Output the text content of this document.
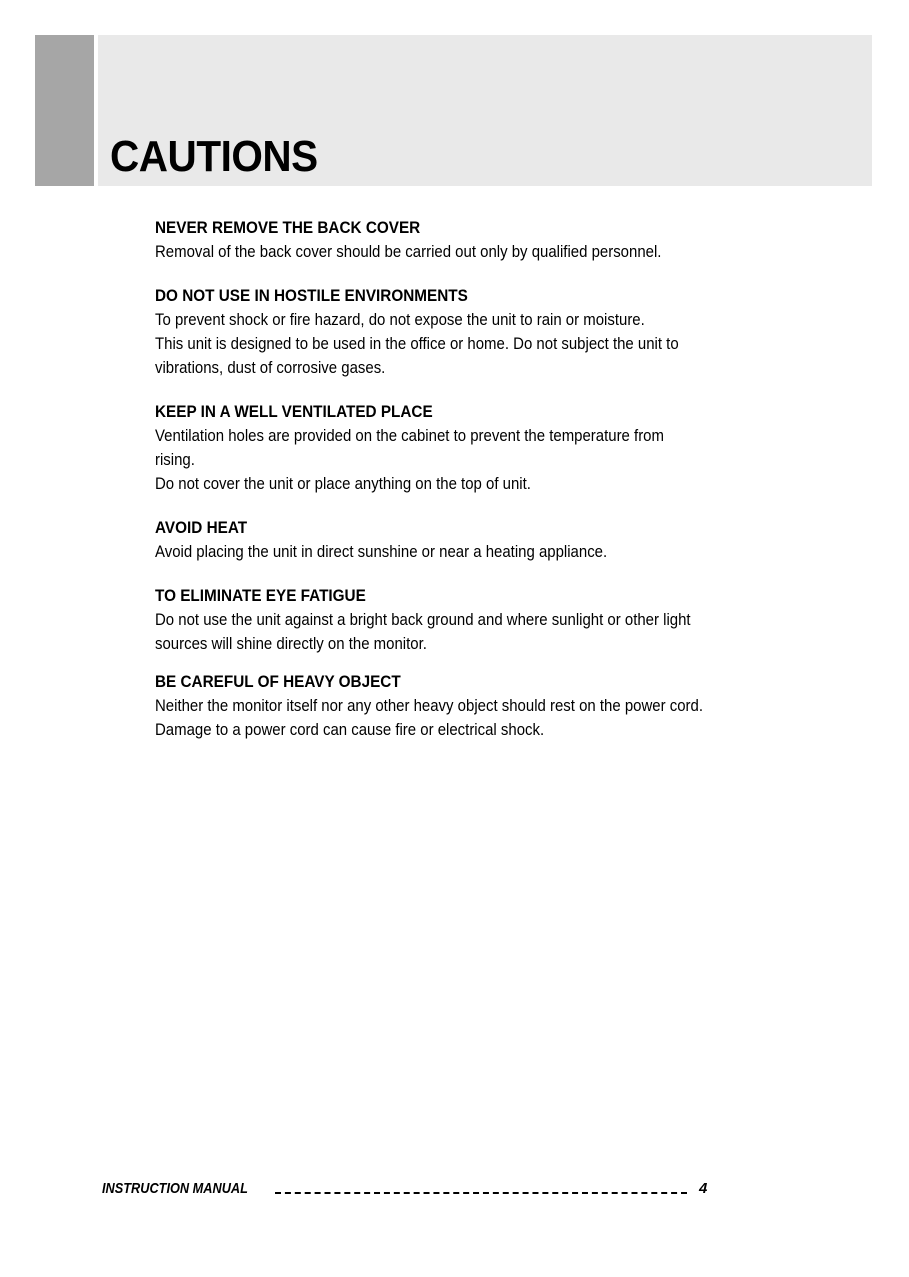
CAUTIONS

NEVER REMOVE THE BACK COVER

Removal of the back cover should be carried out only by qualified personnel.

DO NOT USE IN HOSTILE ENVIRONMENTS

To prevent shock or fire hazard, do not expose the unit to rain or moisture.

This unit is designed to be used in the office or home. Do not subject the unit to

vibrations, dust of corrosive gases.

KEEP IN A WELL VENTILATED PLACE

Ventilation holes are provided on the cabinet to prevent the temperature from

rising.

Do not cover the unit or place anything on the top of unit.

AVOID HEAT

Avoid placing the unit in direct sunshine or near a heating appliance.

TO ELIMINATE EYE FATIGUE

Do not use the unit against a bright back ground and where sunlight or other light

sources will shine directly on the monitor.

BE CAREFUL OF HEAVY OBJECT

Neither the monitor itself nor any other heavy object should rest on the power cord.

Damage to a power cord can cause fire or electrical shock.

INSTRUCTION MANUAL	4
